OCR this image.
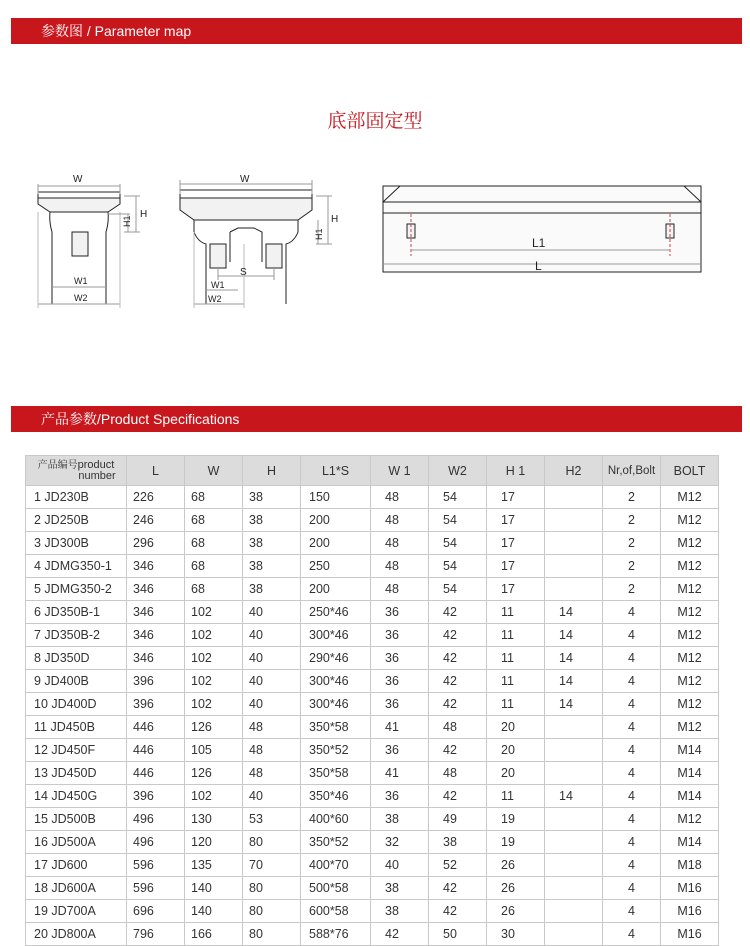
参数图 / Parameter map
底部固定型
W
H
H1
W1
W2
W
H
H1
S
W1
W2
L1
L
产品参数/Product Specifications
产品编号product
number	L	W	H	L1*S	W 1	W2	H 1	H2	Nr,of,Bolt	BOLT
1 JD230B	226	68	38	150	48	54	17		2	M12
2 JD250B	246	68	38	200	48	54	17		2	M12
3 JD300B	296	68	38	200	48	54	17		2	M12
4 JDMG350-1	346	68	38	250	48	54	17		2	M12
5 JDMG350-2	346	68	38	200	48	54	17		2	M12
6 JD350B-1	346	102	40	250*46	36	42	11	14	4	M12
7 JD350B-2	346	102	40	300*46	36	42	11	14	4	M12
8 JD350D	346	102	40	290*46	36	42	11	14	4	M12
9 JD400B	396	102	40	300*46	36	42	11	14	4	M12
10 JD400D	396	102	40	300*46	36	42	11	14	4	M12
11 JD450B	446	126	48	350*58	41	48	20		4	M12
12 JD450F	446	105	48	350*52	36	42	20		4	M14
13 JD450D	446	126	48	350*58	41	48	20		4	M14
14 JD450G	396	102	40	350*46	36	42	11	14	4	M14
15 JD500B	496	130	53	400*60	38	49	19		4	M12
16 JD500A	496	120	80	350*52	32	38	19		4	M14
17 JD600	596	135	70	400*70	40	52	26		4	M18
18 JD600A	596	140	80	500*58	38	42	26		4	M16
19 JD700A	696	140	80	600*58	38	42	26		4	M16
20 JD800A	796	166	80	588*76	42	50	30		4	M16
